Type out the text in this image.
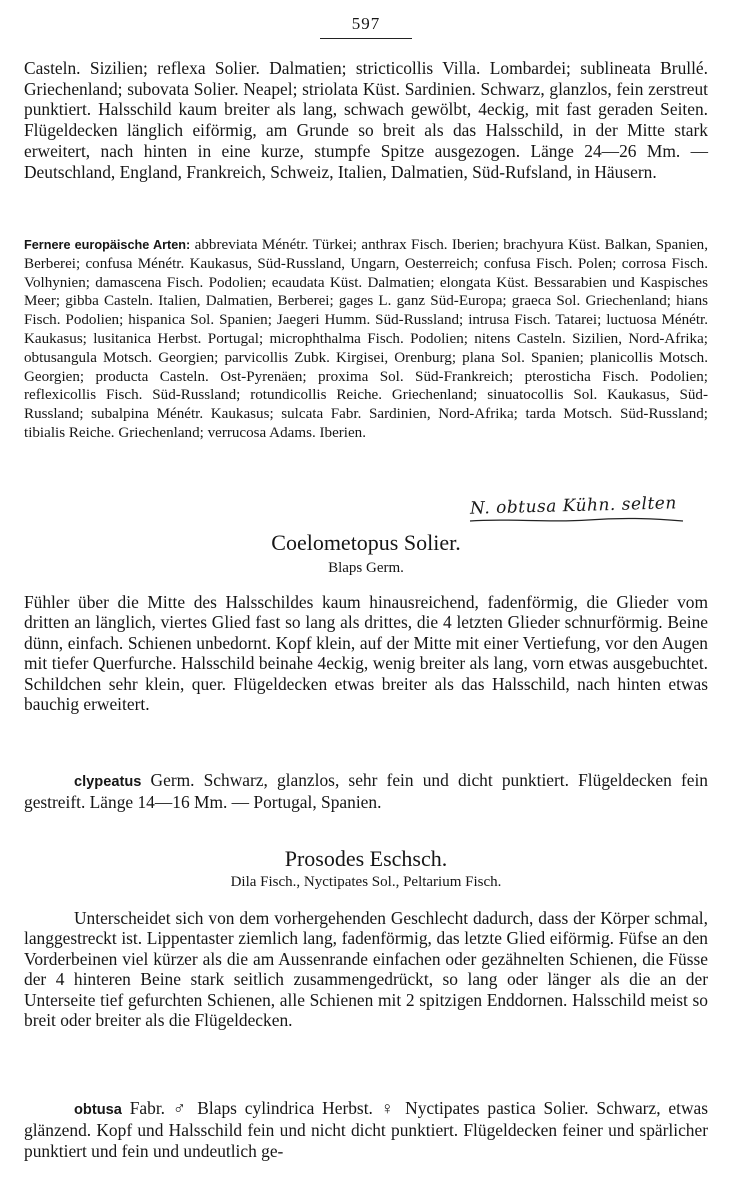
597

Casteln. Sizilien; reflexa Solier. Dalmatien; stricticollis Villa. Lombardei; sublineata Brullé. Griechenland; subovata Solier. Neapel; striolata Küst. Sardinien. Schwarz, glanzlos, fein zerstreut punktiert. Halsschild kaum breiter als lang, schwach gewölbt, 4eckig, mit fast geraden Seiten. Flügeldecken länglich eiförmig, am Grunde so breit als das Halsschild, in der Mitte stark erweitert, nach hinten in eine kurze, stumpfe Spitze ausgezogen. Länge 24—26 Mm. — Deutschland, England, Frankreich, Schweiz, Italien, Dalmatien, Süd-Rufsland, in Häusern.

Fernere europäische Arten: abbreviata Ménétr. Türkei; anthrax Fisch. Iberien; brachyura Küst. Balkan, Spanien, Berberei; confusa Ménétr. Kaukasus, Süd-Russland, Ungarn, Oesterreich; confusa Fisch. Polen; corrosa Fisch. Volhynien; damascena Fisch. Podolien; ecaudata Küst. Dalmatien; elongata Küst. Bessarabien und Kaspisches Meer; gibba Casteln. Italien, Dalmatien, Berberei; gages L. ganz Süd-Europa; graeca Sol. Griechenland; hians Fisch. Podolien; hispanica Sol. Spanien; Jaegeri Humm. Süd-Russland; intrusa Fisch. Tatarei; luctuosa Ménétr. Kaukasus; lusitanica Herbst. Portugal; microphthalma Fisch. Podolien; nitens Casteln. Sizilien, Nord-Afrika; obtusangula Motsch. Georgien; parvicollis Zubk. Kirgisei, Orenburg; plana Sol. Spanien; planicollis Motsch. Georgien; producta Casteln. Ost-Pyrenäen; proxima Sol. Süd-Frankreich; pterosticha Fisch. Podolien; reflexicollis Fisch. Süd-Russland; rotundicollis Reiche. Griechenland; sinuatocollis Sol. Kaukasus, Süd-Russland; subalpina Ménétr. Kaukasus; sulcata Fabr. Sardinien, Nord-Afrika; tarda Motsch. Süd-Russland; tibialis Reiche. Griechenland; verrucosa Adams. Iberien.

N. obtusa Kühn. selten
Coelometopus Solier.
Blaps Germ.

Fühler über die Mitte des Halsschildes kaum hinausreichend, fadenförmig, die Glieder vom dritten an länglich, viertes Glied fast so lang als drittes, die 4 letzten Glieder schnurförmig. Beine dünn, einfach. Schienen unbedornt. Kopf klein, auf der Mitte mit einer Vertiefung, vor den Augen mit tiefer Querfurche. Halsschild beinahe 4eckig, wenig breiter als lang, vorn etwas ausgebuchtet. Schildchen sehr klein, quer. Flügeldecken etwas breiter als das Halsschild, nach hinten etwas bauchig erweitert.

clypeatus Germ. Schwarz, glanzlos, sehr fein und dicht punktiert. Flügeldecken fein gestreift. Länge 14—16 Mm. — Portugal, Spanien.

Prosodes Eschsch.
Dila Fisch., Nyctipates Sol., Peltarium Fisch.

Unterscheidet sich von dem vorhergehenden Geschlecht dadurch, dass der Körper schmal, langgestreckt ist. Lippentaster ziemlich lang, fadenförmig, das letzte Glied eiförmig. Füfse an den Vorderbeinen viel kürzer als die am Aussenrande einfachen oder gezähnelten Schienen, die Füsse der 4 hinteren Beine stark seitlich zusammengedrückt, so lang oder länger als die an der Unterseite tief gefurchten Schienen, alle Schienen mit 2 spitzigen Enddornen. Halsschild meist so breit oder breiter als die Flügeldecken.

obtusa Fabr. ♂ Blaps cylindrica Herbst. ♀ Nyctipates pastica Solier. Schwarz, etwas glänzend. Kopf und Halsschild fein und nicht dicht punktiert. Flügeldecken feiner und spärlicher punktiert und fein und undeutlich ge-
